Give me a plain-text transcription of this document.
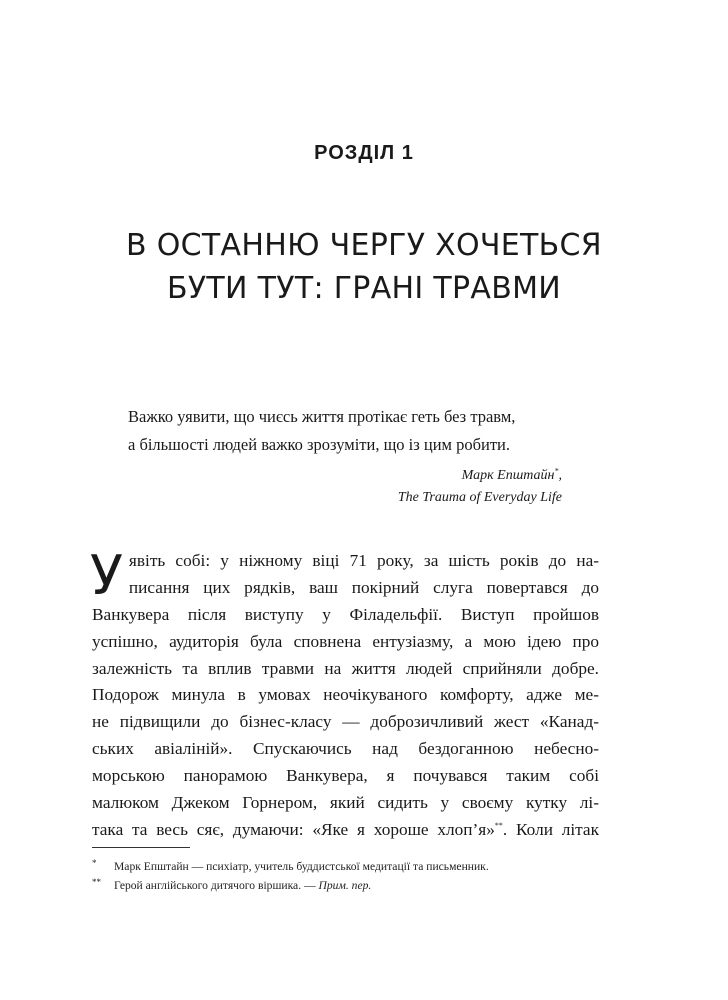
РОЗДІЛ 1
В ОСТАННЮ ЧЕРГУ ХОЧЕТЬСЯ
БУТИ ТУТ: ГРАНІ ТРАВМИ
Важко уявити, що чиєсь життя протікає геть без травм,
а більшості людей важко зрозуміти, що із цим робити.
Марк Епштайн*,
The Trauma of Everyday Life
У явіть собі: у ніжному віці 71 року, за шість років до на-
писання цих рядків, ваш покірний слуга повертався до
Ванкувера після виступу у Філадельфії. Виступ пройшов
успішно, аудиторія була сповнена ентузіазму, а мою ідею про
залежність та вплив травми на життя людей сприйняли добре.
Подорож минула в умовах неочікуваного комфорту, адже ме-
не підвищили до бізнес-класу — доброзичливий жест «Канад-
ських авіаліній». Спускаючись над бездоганною небесно-
морською панорамою Ванкувера, я почувався таким собі
малюком Джеком Горнером, який сидить у своєму кутку лі-
така та весь сяє, думаючи: «Яке я хороше хлоп’я»**. Коли літак
* Марк Епштайн — психіатр, учитель буддистської медитації та письменник.
** Герой англійського дитячого віршика. — Прим. пер.
